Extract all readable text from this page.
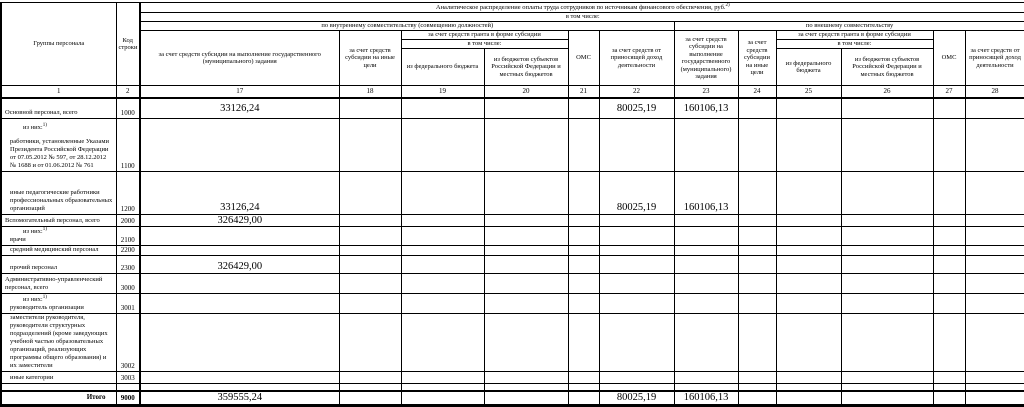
Группы персонала	Код строки	Аналитическое распределение оплаты труда сотрудников по источникам финансового обеспечения, руб.$^{2)}$
		в том числе:											
		по внутреннему совместительству (совмещению должностей)						по внешнему совместительству					
		за счет средств субсидии на выполнение государственного (муниципального) задания	за счет средств субсидии на иные цели	за счет средств гранта в форме субсидии		ОМС	за счет средств от приносящей доход деятельности	за счет средств субсидии на выполнение государственного (муниципального) задания	за счет средств субсидии на иные цели	за счет средств гранта в форме субсидии		ОМС	за счет средств от приносящей доход деятельности
				в том числе:						в том числе:			
				из федерального бюджета	из бюджетов субъектов Российской Федерации и местных бюджетов					из федерального бюджета	из бюджетов субъектов Российской Федерации и местных бюджетов		
1	2	17	18	19	20	21	22	23	24	25	26	27	28

Основной персонал, всего	1000	33126,24					80025,19	160106,13					

из них:$^{1)}$
работники, установленные Указами Президента Российской Федерации от 07.05.2012 № 597, от 28.12.2012 № 1688 и от 01.06.2012 № 761	1100												

иные педагогические работники профессиональных образовательных организаций	1200	33126,24					80025,19	160106,13					

Вспомогательный персонал, всего	2000	326429,00											

из них:$^{1)}$
врачи	2100												

средний медицинский персонал	2200												

прочий персонал	2300	326429,00											

Административно-управленческий персонал, всего	3000												

из них:$^{1)}$
руководитель организации	3001												

заместители руководителя, руководители структурных подразделений (кроме заведующих учебной частью образовательных организаций, реализующих программы общего образования) и их заместители	3002												

иные категории	3003												

Итого	9000	359555,24					80025,19	160106,13					
